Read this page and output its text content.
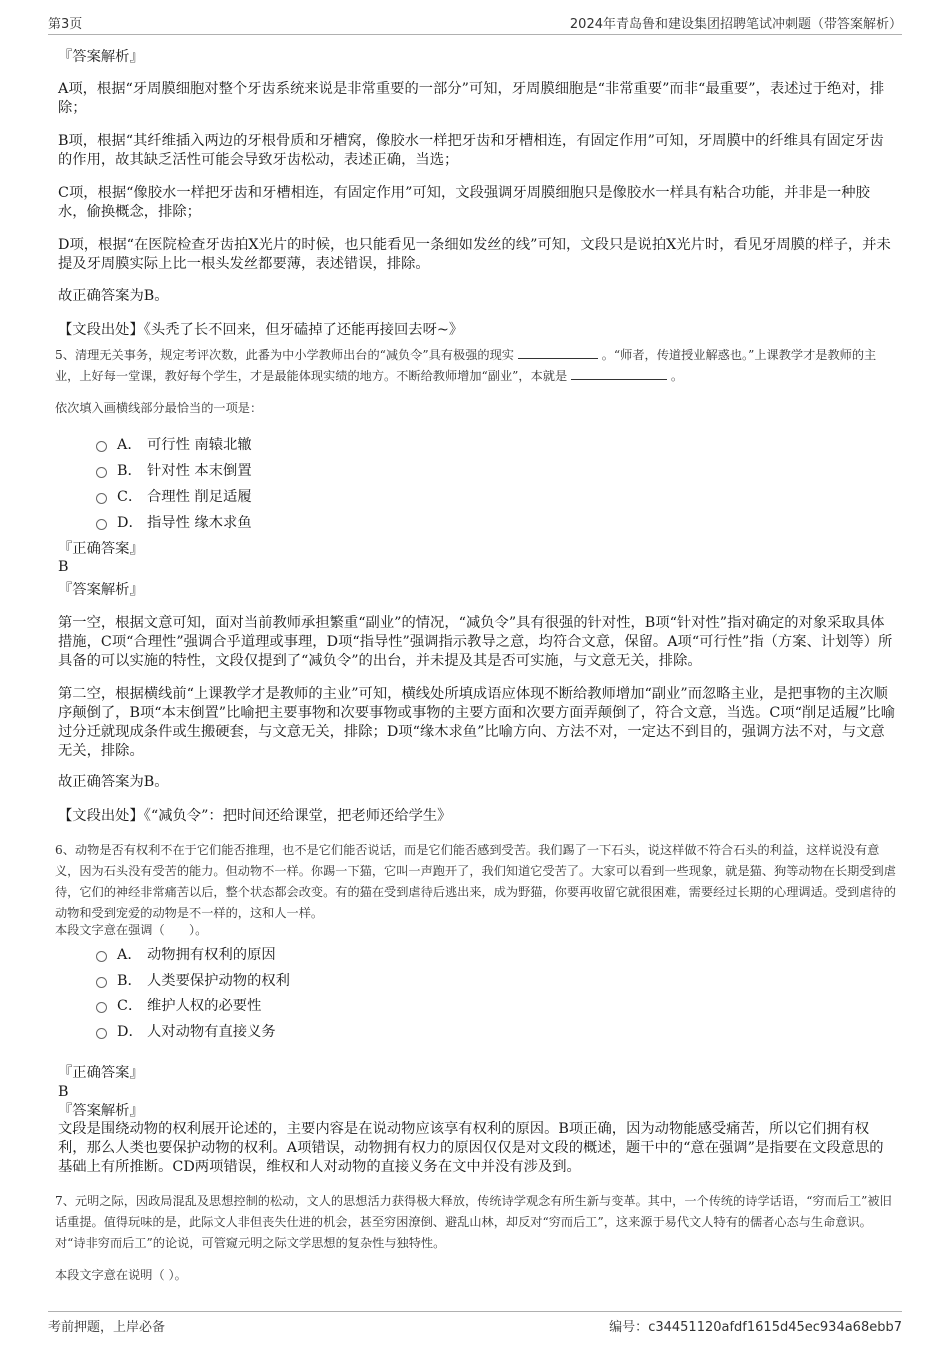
第3页	2024年青岛鲁和建设集团招聘笔试冲刺题（带答案解析）
『答案解析』
A项，根据“牙周膜细胞对整个牙齿系统来说是非常重要的一部分”可知，牙周膜细胞是“非常重要”而非“最重要”，表述过于绝对，排除；
B项，根据“其纤维插入两边的牙根骨质和牙槽窝，像胶水一样把牙齿和牙槽相连，有固定作用”可知，牙周膜中的纤维具有固定牙齿的作用，故其缺乏活性可能会导致牙齿松动，表述正确，当选；
C项，根据“像胶水一样把牙齿和牙槽相连，有固定作用”可知，文段强调牙周膜细胞只是像胶水一样具有粘合功能，并非是一种胶水，偷换概念，排除；
D项，根据“在医院检查牙齿拍X光片的时候，也只能看见一条细如发丝的线”可知，文段只是说拍X光片时，看见牙周膜的样子，并未提及牙周膜实际上比一根头发丝都要薄，表述错误，排除。
故正确答案为B。
【文段出处】《头秃了长不回来，但牙磕掉了还能再接回去呀~》
5、清理无关事务，规定考评次数，此番为中小学教师出台的“减负令”具有极强的现实	。“师者，传道授业解惑也。”上课教学才是教师的主业，上好每一堂课，教好每个学生，才是最能体现实绩的地方。不断给教师增加“副业”，本就是	。
依次填入画横线部分最恰当的一项是：
A． 可行性 南辕北辙
B． 针对性 本末倒置
C． 合理性 削足适履
D． 指导性 缘木求鱼
『正确答案』
B
『答案解析』
第一空，根据文意可知，面对当前教师承担繁重“副业”的情况，“减负令”具有很强的针对性，B项“针对性”指对确定的对象采取具体措施，C项“合理性”强调合乎道理或事理，D项“指导性”强调指示教导之意，均符合文意，保留。A项“可行性”指（方案、计划等）所具备的可以实施的特性，文段仅提到了“减负令”的出台，并未提及其是否可实施，与文意无关，排除。
第二空，根据横线前“上课教学才是教师的主业”可知，横线处所填成语应体现不断给教师增加“副业”而忽略主业，是把事物的主次顺序颠倒了，B项“本末倒置”比喻把主要事物和次要事物或事物的主要方面和次要方面弄颠倒了，符合文意，当选。C项“削足适履”比喻过分迁就现成条件或生搬硬套，与文意无关，排除；D项“缘木求鱼”比喻方向、方法不对，一定达不到目的，强调方法不对，与文意无关，排除。
故正确答案为B。
【文段出处】《“减负令”：把时间还给课堂，把老师还给学生》
6、动物是否有权利不在于它们能否推理，也不是它们能否说话，而是它们能否感到受苦。我们踢了一下石头，说这样做不符合石头的利益，这样说没有意义，因为石头没有受苦的能力。但动物不一样。你踢一下猫，它叫一声跑开了，我们知道它受苦了。大家可以看到一些现象，就是猫、狗等动物在长期受到虐待，它们的神经非常痛苦以后，整个状态都会改变。有的猫在受到虐待后逃出来，成为野猫，你要再收留它就很困难，需要经过长期的心理调适。受到虐待的动物和受到宠爱的动物是不一样的，这和人一样。
本段文字意在强调（　　）。
A． 动物拥有权利的原因
B． 人类要保护动物的权利
C． 维护人权的必要性
D． 人对动物有直接义务
『正确答案』
B
『答案解析』
文段是围绕动物的权利展开论述的，主要内容是在说动物应该享有权利的原因。B项正确，因为动物能感受痛苦，所以它们拥有权利，那么人类也要保护动物的权利。A项错误，动物拥有权力的原因仅仅是对文段的概述，题干中的“意在强调”是指要在文段意思的基础上有所推断。CD两项错误，维权和人对动物的直接义务在文中并没有涉及到。
7、元明之际，因政局混乱及思想控制的松动，文人的思想活力获得极大释放，传统诗学观念有所生新与变革。其中，一个传统的诗学话语，“穷而后工”被旧话重提。值得玩味的是，此际文人非但丧失仕进的机会，甚至穷困潦倒、避乱山林，却反对“穷而后工”，这来源于易代文人特有的儒者心态与生命意识。对“诗非穷而后工”的论说，可管窥元明之际文学思想的复杂性与独特性。
本段文字意在说明（ ）。
考前押题，上岸必备	编号：c34451120afdf1615d45ec934a68ebb7
